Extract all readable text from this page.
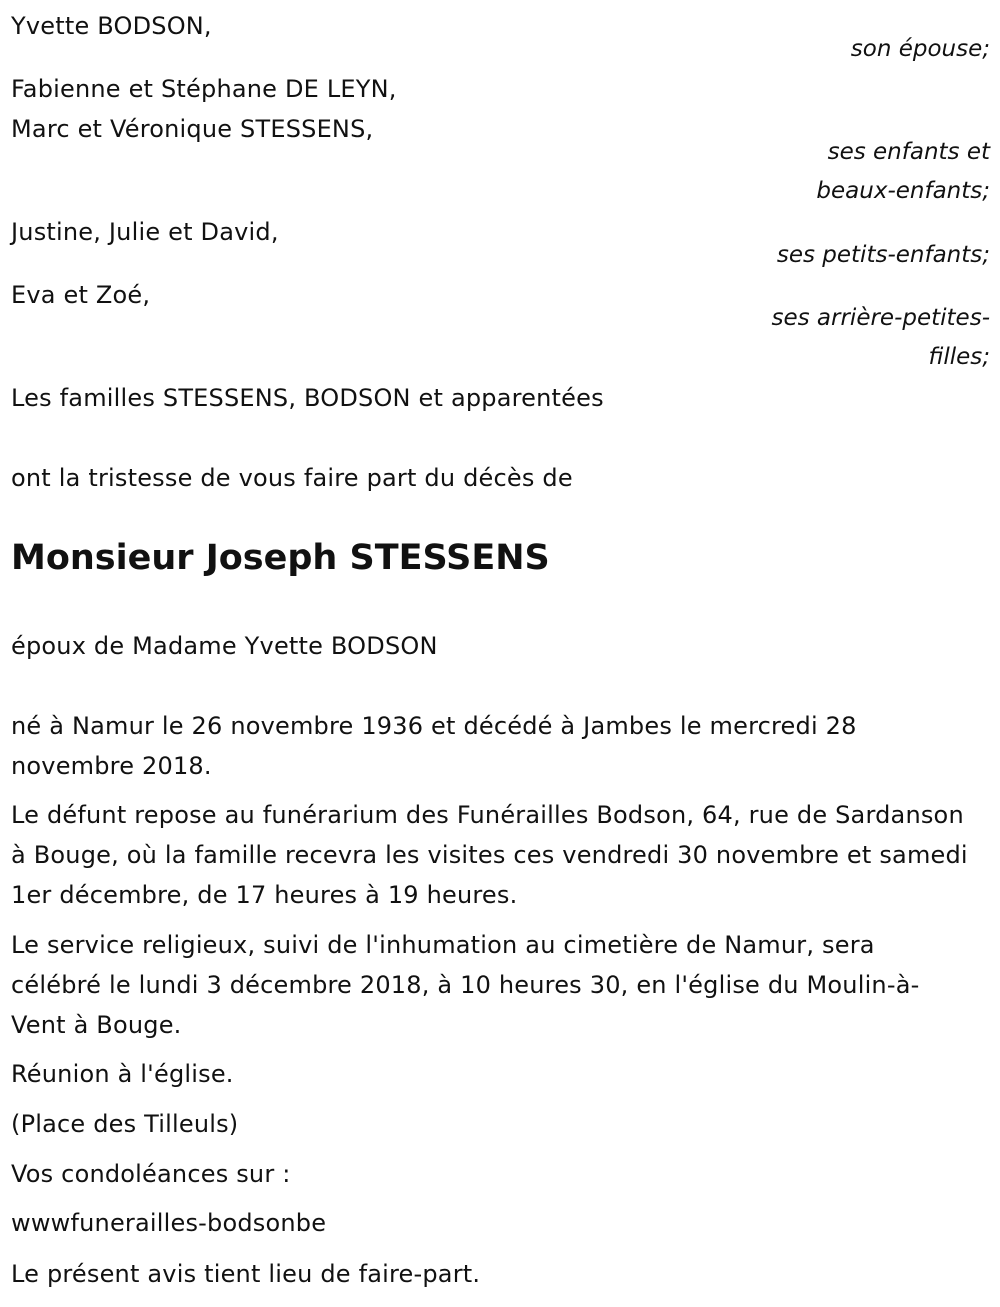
Yvette BODSON,
son épouse;
Fabienne et Stéphane DE LEYN,
Marc et Véronique STESSENS,
ses enfants et
beaux-enfants;
Justine, Julie et David,
ses petits-enfants;
Eva et Zoé,
ses arrière-petites-
filles;
Les familles STESSENS, BODSON et apparentées
ont la tristesse de vous faire part du décès de
Monsieur Joseph STESSENS
époux de Madame Yvette BODSON
né à Namur le 26 novembre 1936 et décédé à Jambes le mercredi 28 novembre 2018.
Le défunt repose au funérarium des Funérailles Bodson, 64, rue de Sardanson à Bouge, où la famille recevra les visites ces vendredi 30 novembre et samedi 1er décembre, de 17 heures à 19 heures.
Le service religieux, suivi de l'inhumation au cimetière de Namur, sera célébré le lundi 3 décembre 2018, à 10 heures 30, en l'église du Moulin-à-Vent à Bouge.
Réunion à l'église.
(Place des Tilleuls)
Vos condoléances sur :
wwwfunerailles-bodsonbe
Le présent avis tient lieu de faire-part.
